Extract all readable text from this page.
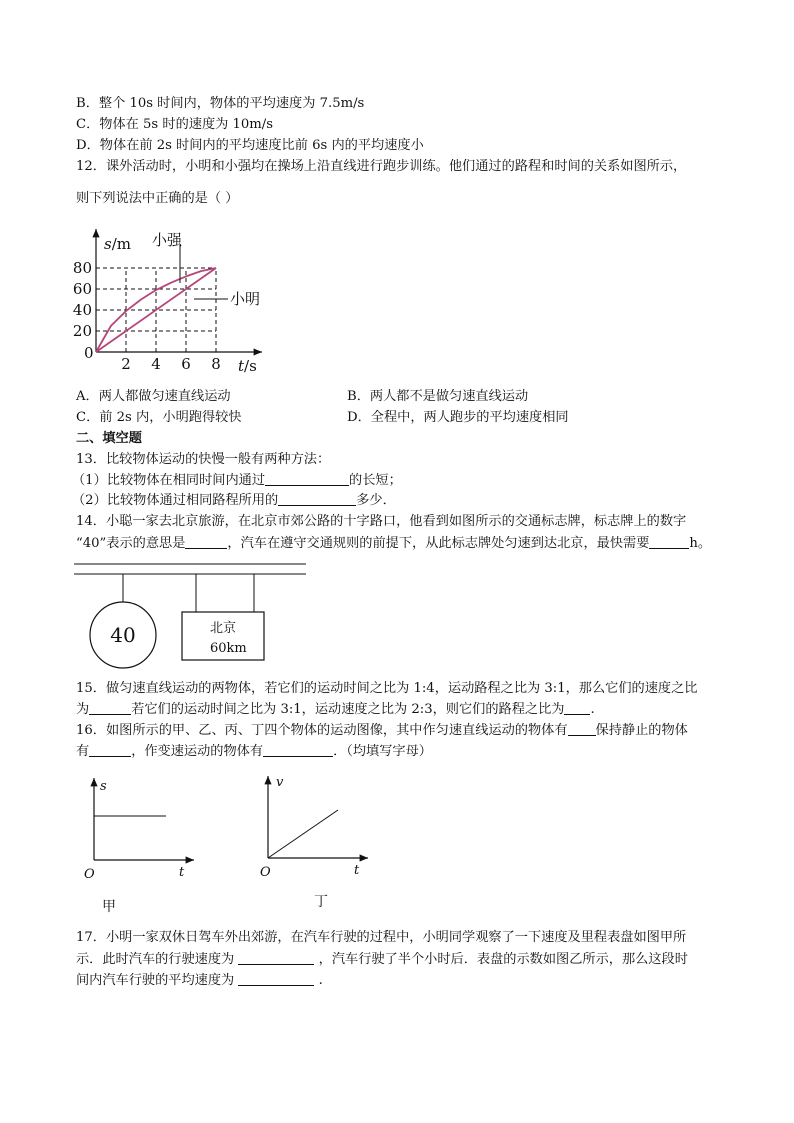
B．整个 10s 时间内，物体的平均速度为 7.5m/s
C．物体在 5s 时的速度为 10m/s
D．物体在前 2s 时间内的平均速度比前 6s 内的平均速度小
12．课外活动时，小明和小强均在操场上沿直线进行跑步训练。他们通过的路程和时间的关系如图所示，
则下列说法中正确的是（ ）
s/m
t/s
0
20
40
60
80
2 4 6 8
小强
小明
A．两人都做匀速直线运动	B．两人都不是做匀速直线运动
C．前 2s 内，小明跑得较快	D．全程中，两人跑步的平均速度相同
二、填空题
13．比较物体运动的快慢一般有两种方法：
（1）比较物体在相同时间内通过	的长短；
（2）比较物体通过相同路程所用的	多少．
14．小聪一家去北京旅游，在北京市郊公路的十字路口，他看到如图所示的交通标志牌，标志牌上的数字
“40”表示的意思是	，汽车在遵守交通规则的前提下，从此标志牌处匀速到达北京，最快需要	h。
40	北京
60km
15．做匀速直线运动的两物体，若它们的运动时间之比为 1:4，运动路程之比为 3:1，那么它们的速度之比
为	若它们的运动时间之比为 3:1，运动速度之比为 2:3，则它们的路程之比为 .
16．如图所示的甲、乙、丙、丁四个物体的运动图像，其中作匀速直线运动的物体有 保持静止的物体
有	，作变速运动的物体有	．（均填写字母）
s
t
O
甲
v
t
O
丁
17．小明一家双休日驾车外出郊游，在汽车行驶的过程中，小明同学观察了一下速度及里程表盘如图甲所
示．此时汽车的行驶速度为	，汽车行驶了半个小时后．表盘的示数如图乙所示，那么这段时
间内汽车行驶的平均速度为	.
